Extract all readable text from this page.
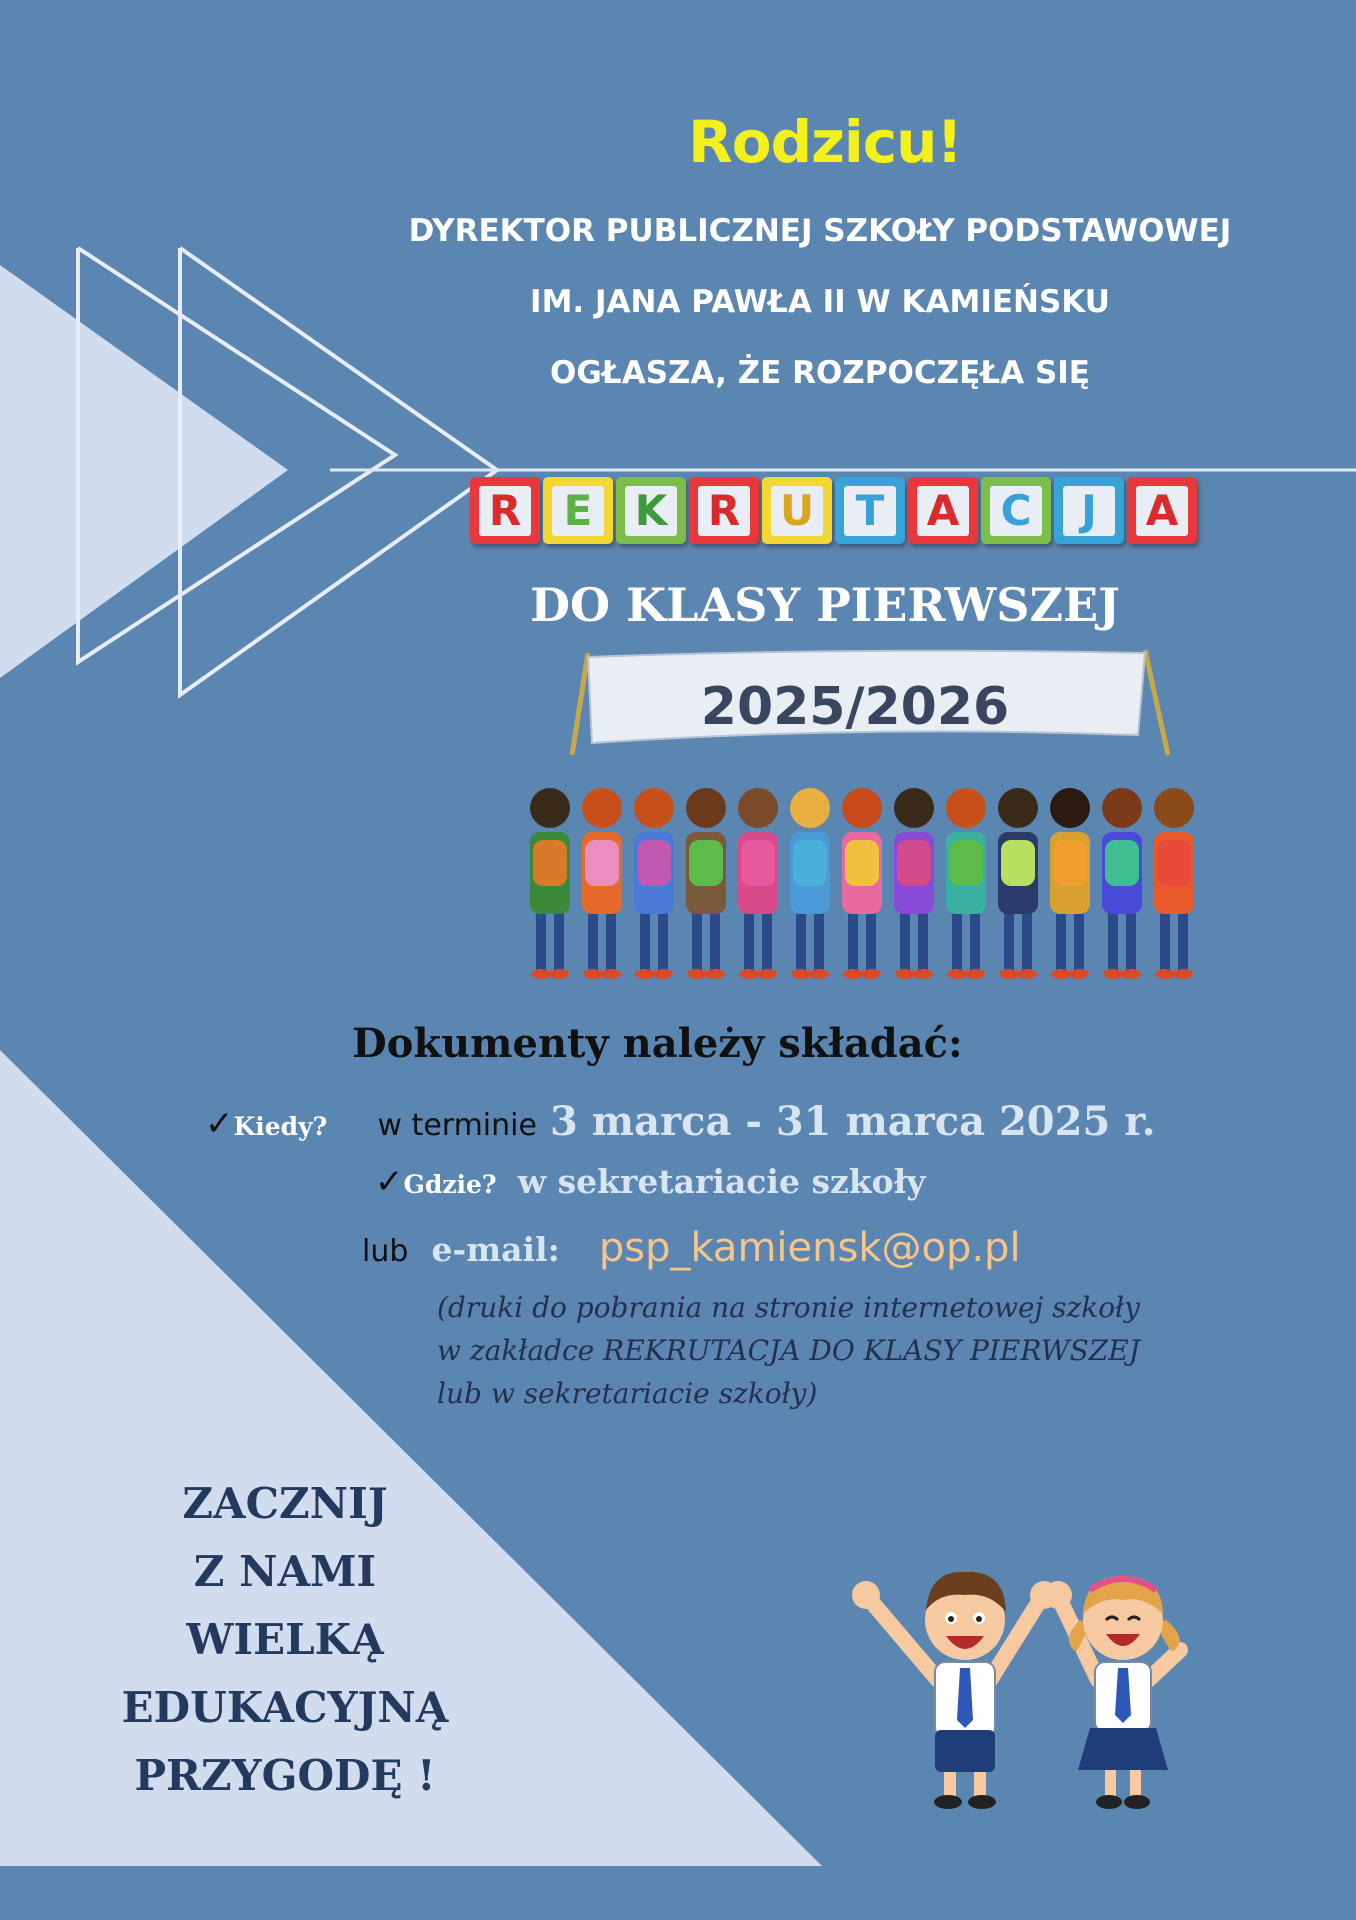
Rodzicu!
DYREKTOR PUBLICZNEJ SZKOŁY PODSTAWOWEJ
IM. JANA PAWŁA II W KAMIEŃSKU
OGŁASZA, ŻE ROZPOCZĘŁA SIĘ
R E K R U T A C	J	A
DO KLASY PIERWSZEJ
2025/2026
Dokumenty należy składać:
✓Kiedy? w terminie 3 marca - 31 marca 2025 r.
✓Gdzie? w sekretariacie szkoły
lub e-mail: psp_kamiensk@op.pl
(druki do pobrania na stronie internetowej szkoły
w zakładce REKRUTACJA DO KLASY PIERWSZEJ
lub w sekretariacie szkoły)
ZACZNIJ
Z NAMI
WIELKĄ
EDUKACYJNĄ
PRZYGODĘ !
